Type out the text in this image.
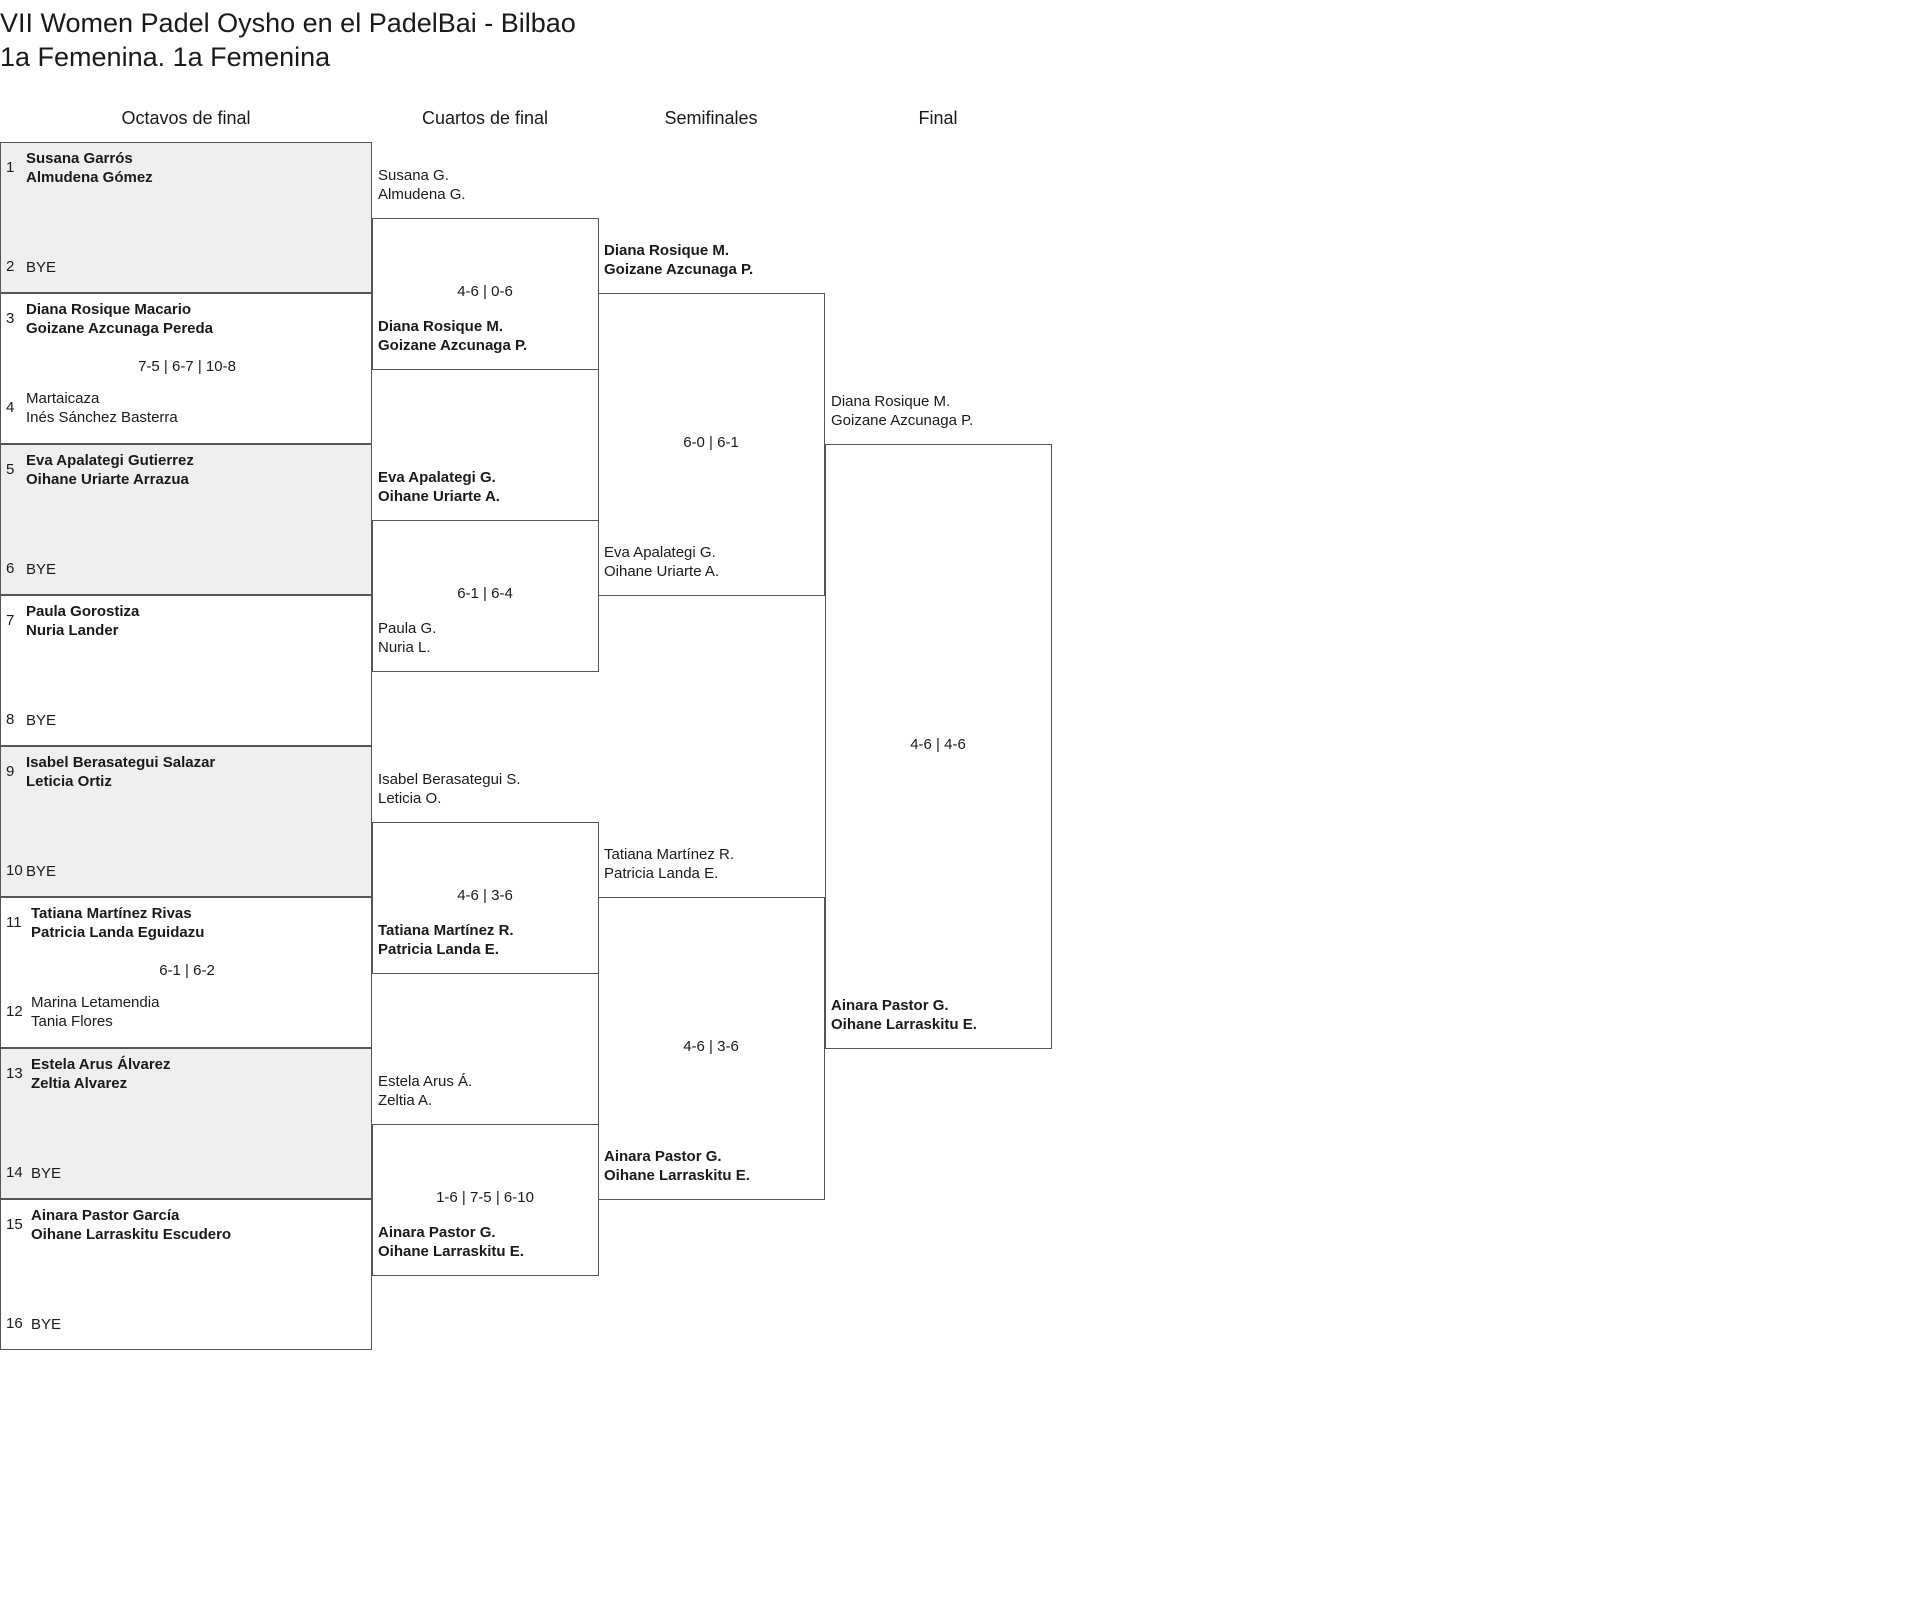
VII Women Padel Oysho en el PadelBai - Bilbao
1a Femenina. 1a Femenina
Octavos de final	Cuartos de final	Semifinales	Final
1
Susana Garrós
Almudena Gómez
2 BYE
3
Diana Rosique Macario
Goizane Azcunaga Pereda
4
Martaicaza
Inés Sánchez Basterra
7-5 | 6-7 | 10-8
5
Eva Apalategi Gutierrez
Oihane Uriarte Arrazua
6 BYE
7
Paula Gorostiza
Nuria Lander
8 BYE
9
Isabel Berasategui Salazar
Leticia Ortiz
10 BYE
11
Tatiana Martínez Rivas
Patricia Landa Eguidazu
12
Marina Letamendia
Tania Flores
6-1 | 6-2
13
Estela Arus Álvarez
Zeltia Alvarez
14 BYE
15
Ainara Pastor García
Oihane Larraskitu Escudero
16 BYE
Susana G.
Almudena G.
Diana Rosique M.
Goizane Azcunaga P.
4-6 | 0-6
Eva Apalategi G.
Oihane Uriarte A.
Paula G.
Nuria L.
6-1 | 6-4
Isabel Berasategui S.
Leticia O.
Tatiana Martínez R.
Patricia Landa E.
4-6 | 3-6
Estela Arus Á.
Zeltia A.
Ainara Pastor G.
Oihane Larraskitu E.
1-6 | 7-5 | 6-10
Diana Rosique M.
Goizane Azcunaga P.
Eva Apalategi G.
Oihane Uriarte A.
6-0 | 6-1
Tatiana Martínez R.
Patricia Landa E.
Ainara Pastor G.
Oihane Larraskitu E.
4-6 | 3-6
Diana Rosique M.
Goizane Azcunaga P.
Ainara Pastor G.
Oihane Larraskitu E.
4-6 | 4-6
